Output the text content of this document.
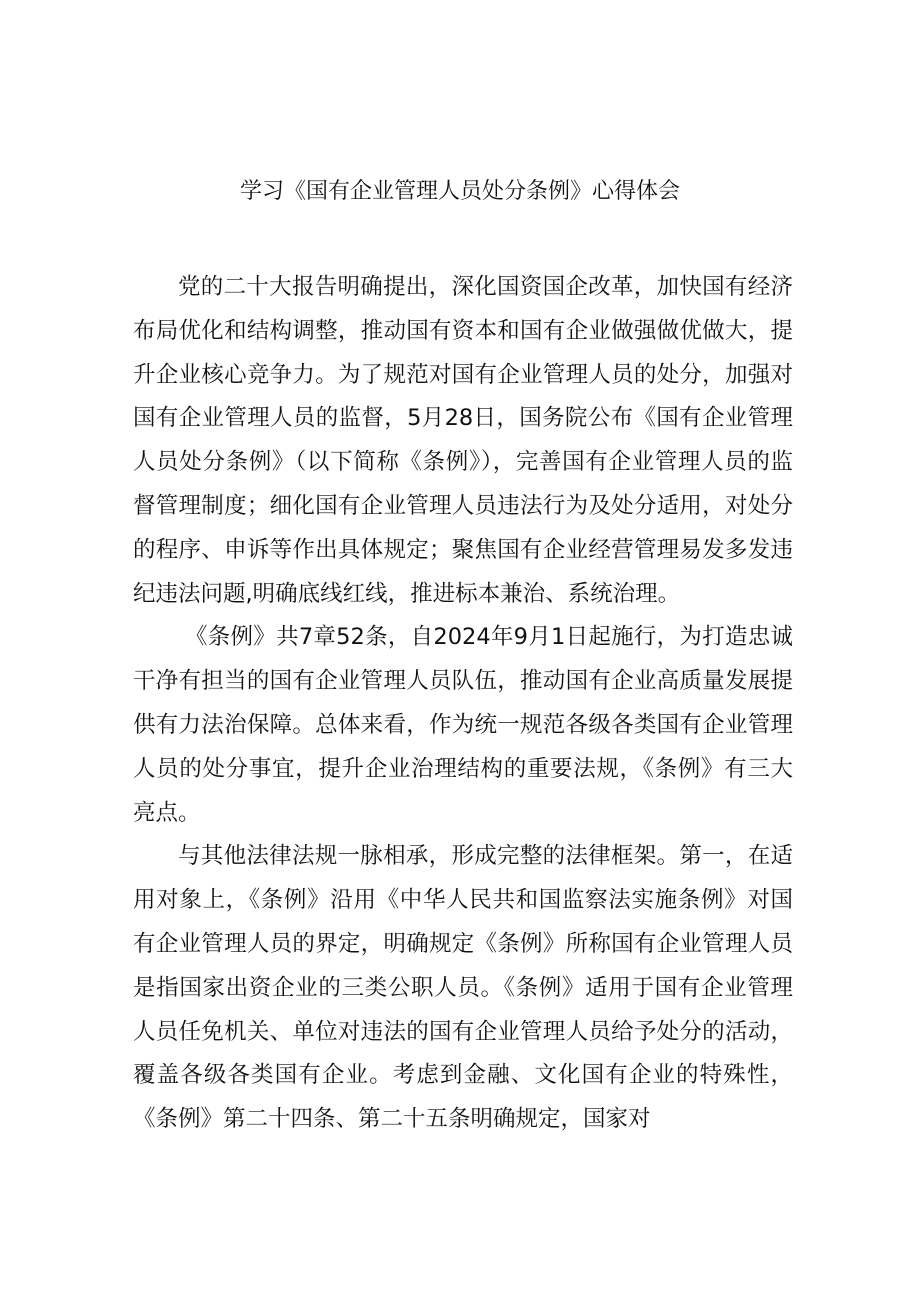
学习《国有企业管理人员处分条例》心得体会

党的二十大报告明确提出，深化国资国企改革，加快国有经济布局优化和结构调整，推动国有资本和国有企业做强做优做大，提升企业核心竞争力。为了规范对国有企业管理人员的处分，加强对国有企业管理人员的监督，5月28日，国务院公布《国有企业管理人员处分条例》（以下简称《条例》），完善国有企业管理人员的监督管理制度；细化国有企业管理人员违法行为及处分适用，对处分的程序、申诉等作出具体规定；聚焦国有企业经营管理易发多发违纪违法问题,明确底线红线，推进标本兼治、系统治理。

《条例》共7章52条，自2024年9月1日起施行，为打造忠诚干净有担当的国有企业管理人员队伍，推动国有企业高质量发展提供有力法治保障。总体来看，作为统一规范各级各类国有企业管理人员的处分事宜，提升企业治理结构的重要法规，《条例》有三大亮点。

与其他法律法规一脉相承，形成完整的法律框架。第一，在适用对象上，《条例》沿用《中华人民共和国监察法实施条例》对国有企业管理人员的界定，明确规定《条例》所称国有企业管理人员是指国家出资企业的三类公职人员。《条例》适用于国有企业管理人员任免机关、单位对违法的国有企业管理人员给予处分的活动，覆盖各级各类国有企业。考虑到金融、文化国有企业的特殊性，《条例》第二十四条、第二十五条明确规定，国家对
